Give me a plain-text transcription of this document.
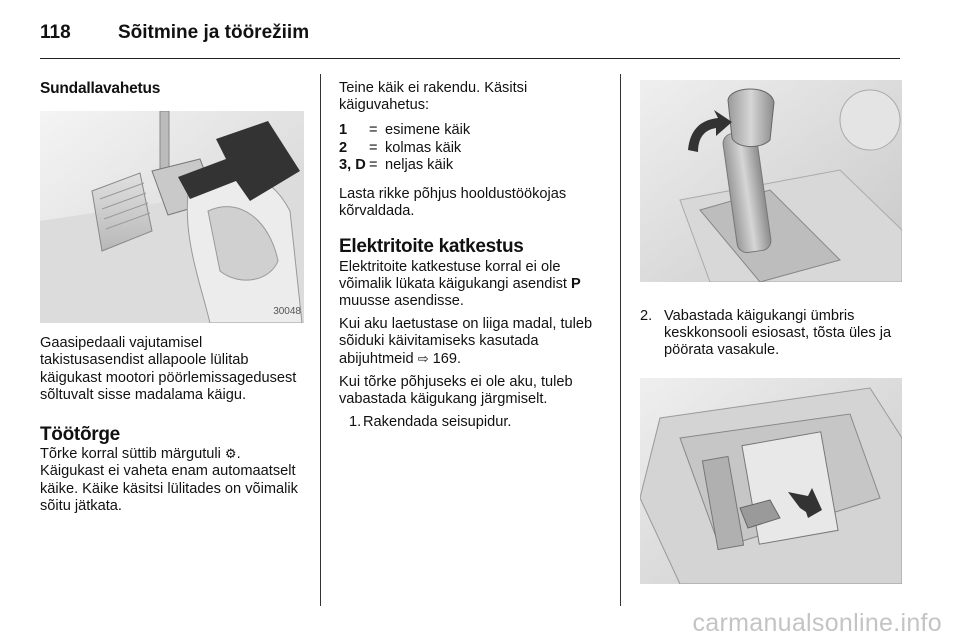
118 Sõitmine ja töörežiim
Sundallavahetus
30048

Gaasipedaali vajutamisel takistusasendist allapoole lülitab käigukast mootori pöörlemissagedusest sõltuvalt sisse madalama käigu.

Töötõrge

Tõrke korral süttib märgutuli ⚙. Käigukast ei vaheta enam automaatselt käike. Käike käsitsi lülitades on võimalik sõitu jätkata.

Teine käik ei rakendu. Käsitsi käiguvahetus:

1	=	esimene käik
2	=	kolmas käik
3, D	=	neljas käik

Lasta rikke põhjus hooldustöökojas kõrvaldada.

Elektritoite katkestus

Elektritoite katkestuse korral ei ole võimalik lükata käigukangi asendist P muusse asendisse.

Kui aku laetustase on liiga madal, tuleb sõiduki käivitamiseks kasutada abijuhtmeid ⇨ 169.

Kui tõrke põhjuseks ei ole aku, tuleb vabastada käigukang järgmiselt.

1. Rakendada seisupidur.
2. Vabastada käigukangi ümbris keskkonsooli esiosast, tõsta üles ja pöörata vasakule.
carmanualsonline.info
